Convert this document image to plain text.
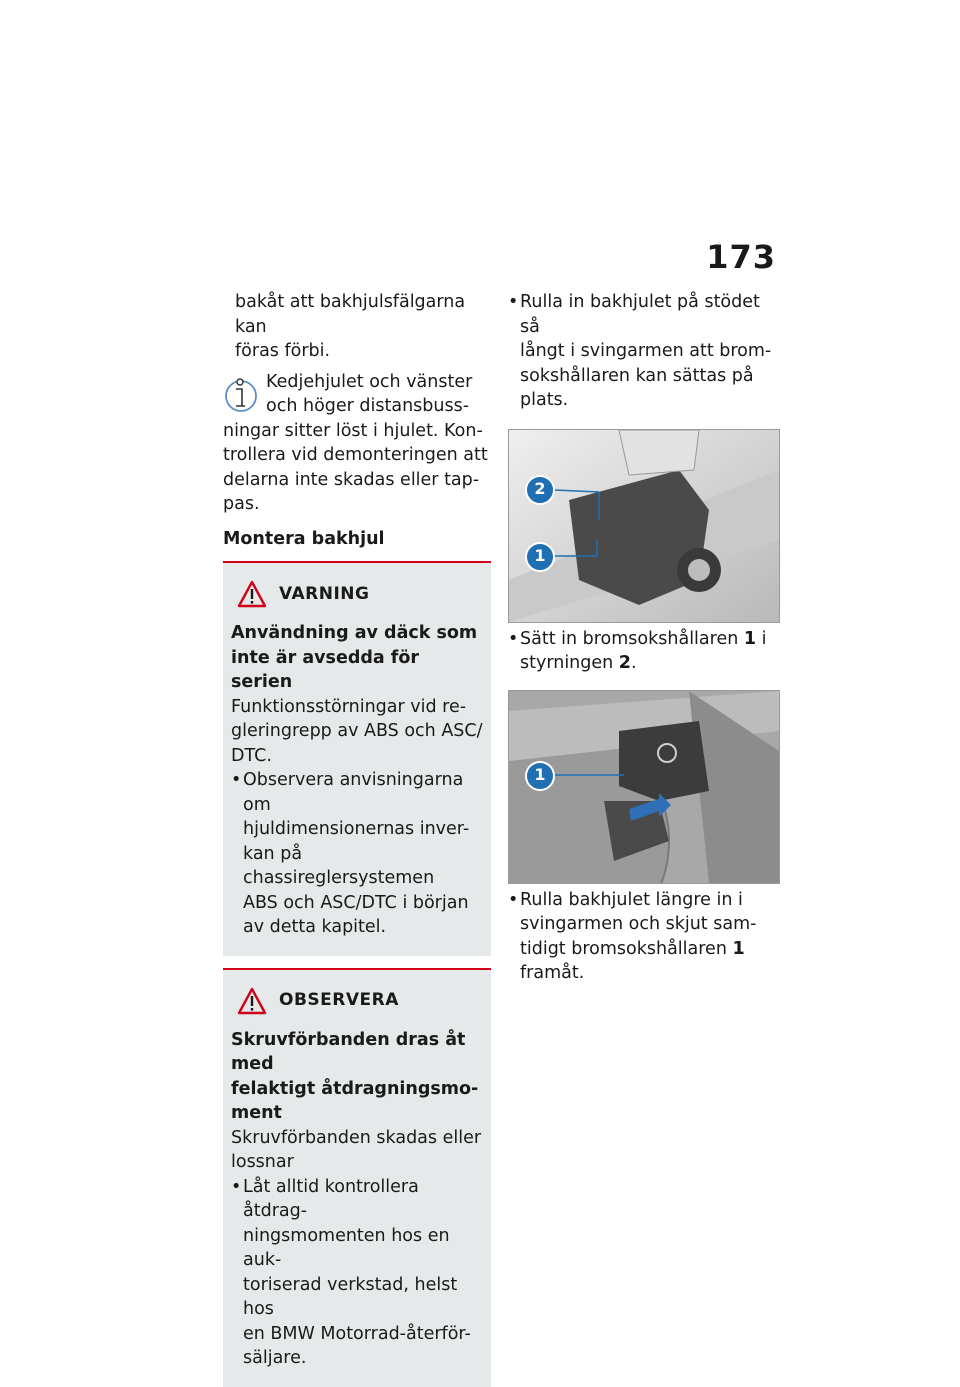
173

bakåt att bakhjulsfälgarna kan

föras förbi.

Kedjehjulet och vänster

och höger distansbuss-

ningar sitter löst i hjulet. Kon-

trollera vid demonteringen att

delarna inte skadas eller tap-

pas.

Montera bakhjul

VARNING

Användning av däck som

inte är avsedda för serien

Funktionsstörningar vid re-

gleringrepp av ABS och ASC/

DTC.

• Observera anvisningarna om

hjuldimensionernas inver-

kan på chassireglersystemen

ABS och ASC/DTC i början

av detta kapitel.

OBSERVERA

Skruvförbanden dras åt med

felaktigt åtdragningsmo-

ment

Skruvförbanden skadas eller

lossnar

• Låt alltid kontrollera åtdrag-

ningsmomenten hos en auk-

toriserad verkstad, helst hos

en BMW Motorrad-återför-

säljare.

• Rulla in bakhjulet på stödet så

långt i svingarmen att brom-

sokshållaren kan sättas på

plats.

2
1

• Sätt in bromsokshållaren 1 i

styrningen 2.

1

• Rulla bakhjulet längre in i

svingarmen och skjut sam-

tidigt bromsokshållaren 1

framåt.
